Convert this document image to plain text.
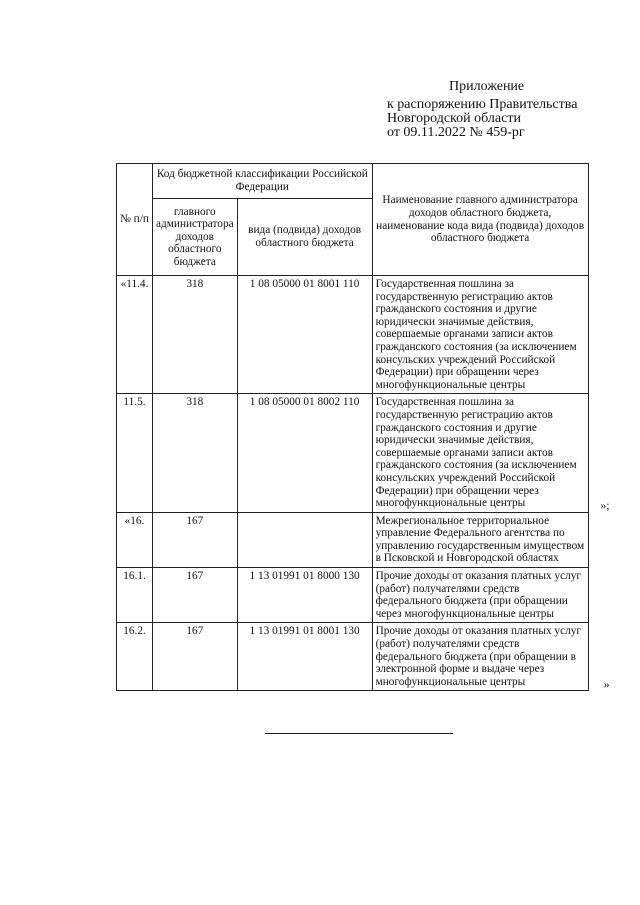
Приложение
к распоряжению Правительства
Новгородской области
от 09.11.2022 № 459-рг
№ п/п	Код бюджетной классификации Российской Федерации		Наименование главного администратора доходов областного бюджета, наименование кода вида (подвида) доходов областного бюджета
	главного администратора доходов областного бюджета	вида (подвида) доходов областного бюджета	
«11.4.	318	1 08 05000 01 8001 110	Государственная пошлина за государственную регистрацию актов гражданского состояния и другие юридически значимые действия, совершаемые органами записи актов гражданского состояния (за исключением консульских учреждений Российской Федерации) при обращении через многофункциональные центры

11.5.	318	1 08 05000 01 8002 110	Государственная пошлина за государственную регистрацию актов гражданского состояния и другие юридически значимые действия, совершаемые органами записи актов гражданского состояния (за исключением консульских учреждений Российской Федерации) при обращении через многофункциональные центры »;

«16.	167		Межрегиональное территориальное управление Федерального агентства по управлению государственным имуществом в Псковской и Новгородской областях

16.1.	167	1 13 01991 01 8000 130	Прочие доходы от оказания платных услуг (работ) получателями средств федерального бюджета (при обращении через многофункциональные центры

16.2.	167	1 13 01991 01 8001 130	Прочие доходы от оказания платных услуг (работ) получателями средств федерального бюджета (при обращении в электронной форме и выдаче через многофункциональные центры »
